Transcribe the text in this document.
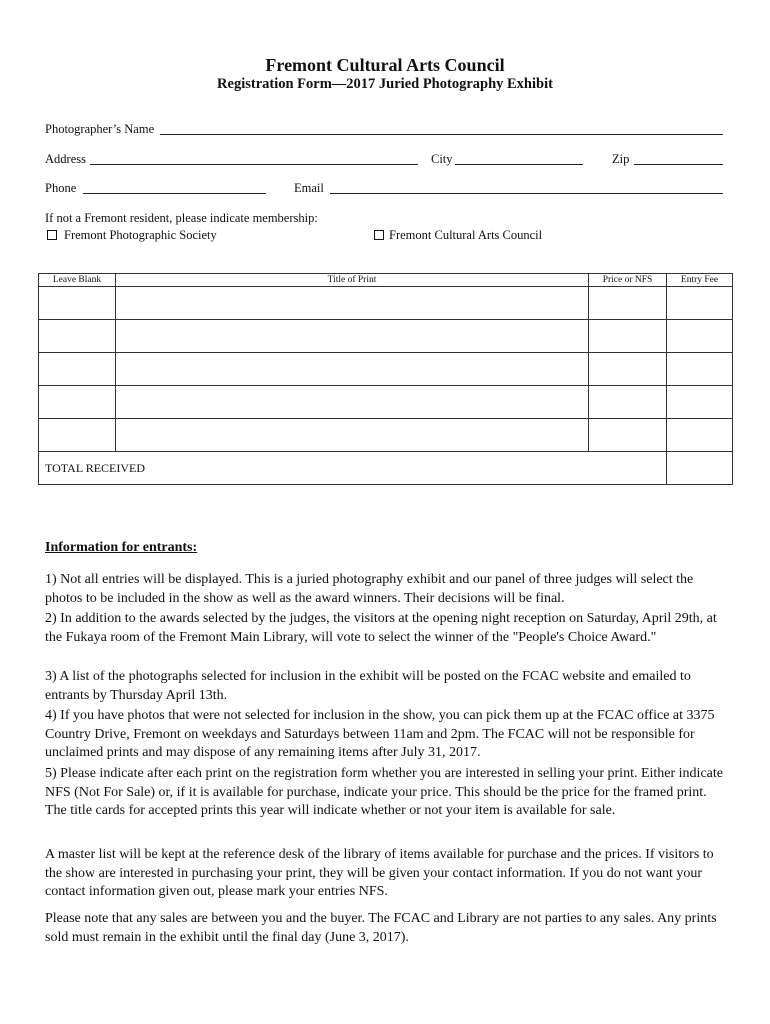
Fremont Cultural Arts Council
Registration Form—2017 Juried Photography Exhibit
Photographer’s Name
Address	City	Zip
Phone	Email
If not a Fremont resident, please indicate membership:
Fremont Photographic Society	Fremont Cultural Arts Council
Leave Blank	Title of Print	Price or NFS	Entry Fee

TOTAL RECEIVED			
Information for entrants:
1) Not all entries will be displayed. This is a juried photography exhibit and our panel of three judges will select the photos to be included in the show as well as the award winners. Their decisions will be final.
2) In addition to the awards selected by the judges, the visitors at the opening night reception on Saturday, April 29th, at the Fukaya room of the Fremont Main Library, will vote to select the winner of the "People's Choice Award."
3) A list of the photographs selected for inclusion in the exhibit will be posted on the FCAC website and emailed to entrants by Thursday April 13th.
4) If you have photos that were not selected for inclusion in the show, you can pick them up at the FCAC office at 3375 Country Drive, Fremont on weekdays and Saturdays between 11am and 2pm. The FCAC will not be responsible for unclaimed prints and may dispose of any remaining items after July 31, 2017.
5) Please indicate after each print on the registration form whether you are interested in selling your print. Either indicate NFS (Not For Sale) or, if it is available for purchase, indicate your price. This should be the price for the framed print. The title cards for accepted prints this year will indicate whether or not your item is available for sale.
A master list will be kept at the reference desk of the library of items available for purchase and the prices. If visitors to the show are interested in purchasing your print, they will be given your contact information. If you do not want your contact information given out, please mark your entries NFS.
Please note that any sales are between you and the buyer. The FCAC and Library are not parties to any sales. Any prints sold must remain in the exhibit until the final day (June 3, 2017).
